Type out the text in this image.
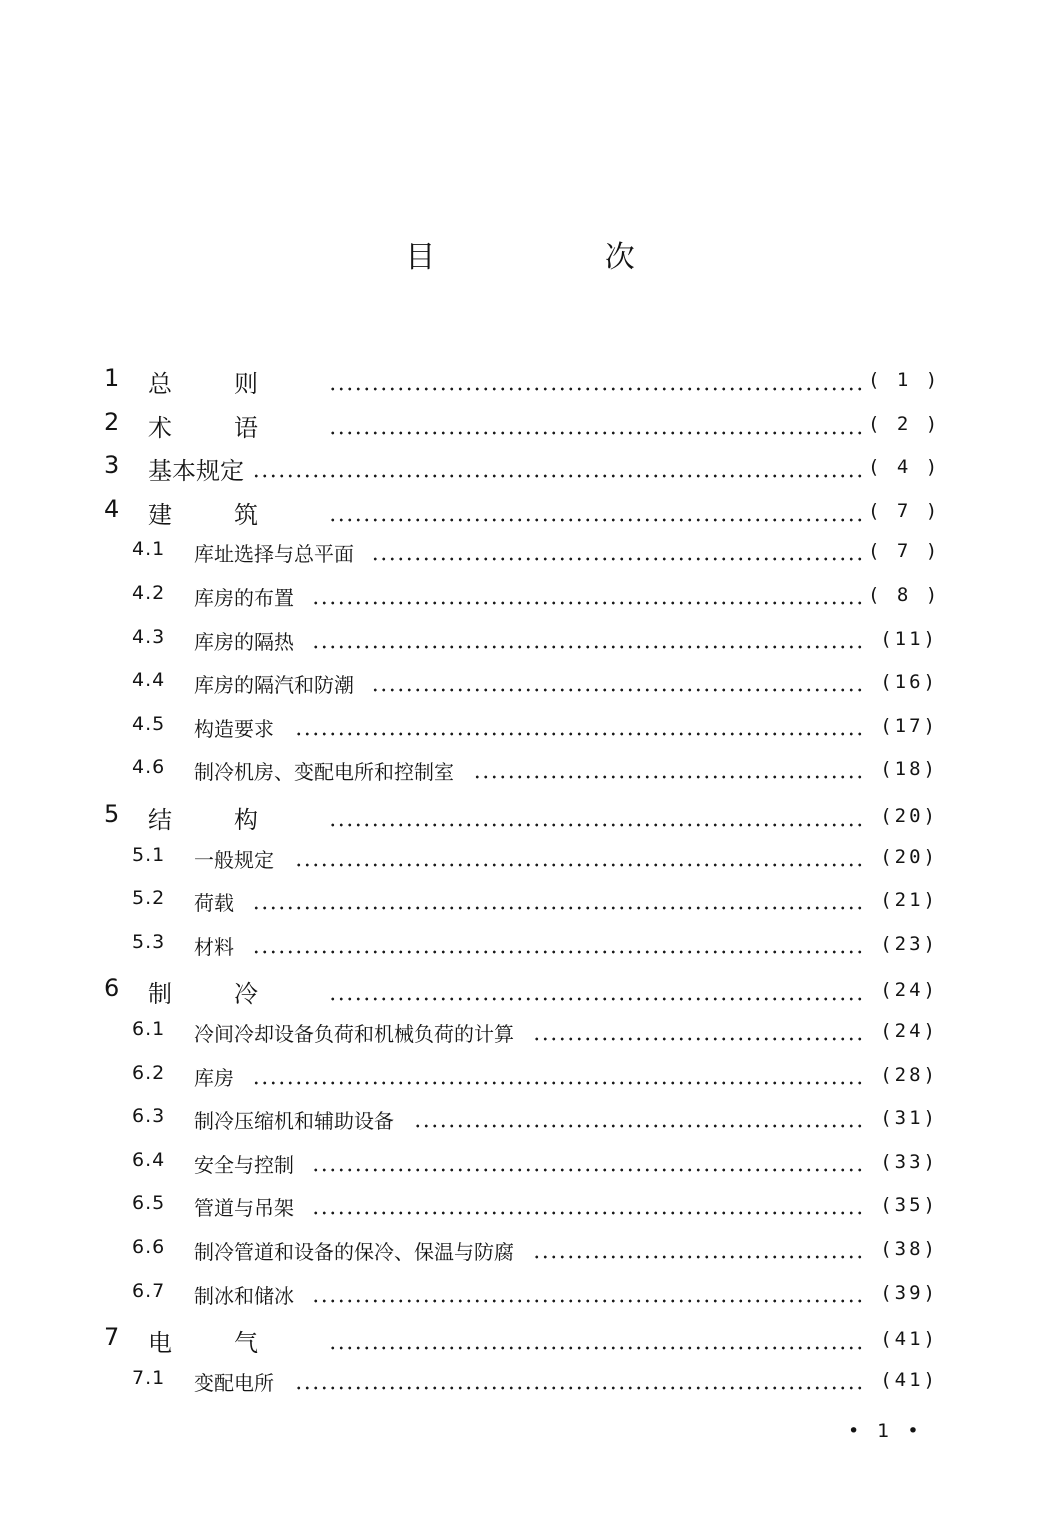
目 次
1 总则	( 1 )
2 术语	( 2 )
3 基本规定	( 4 )
4 建筑	( 7 )
4.1 库址选择与总平面	( 7 )
4.2 库房的布置	( 8 )
4.3 库房的隔热	(11)
4.4 库房的隔汽和防潮	(16)
4.5 构造要求	(17)
4.6 制冷机房、变配电所和控制室	(18)
5 结构	(20)
5.1 一般规定	(20)
5.2 荷载	(21)
5.3 材料	(23)
6 制冷	(24)
6.1 冷间冷却设备负荷和机械负荷的计算	(24)
6.2 库房	(28)
6.3 制冷压缩机和辅助设备	(31)
6.4 安全与控制	(33)
6.5 管道与吊架	(35)
6.6 制冷管道和设备的保冷、保温与防腐	(38)
6.7 制冰和储冰	(39)
7 电气	(41)
7.1 变配电所	(41)
• 1 •
